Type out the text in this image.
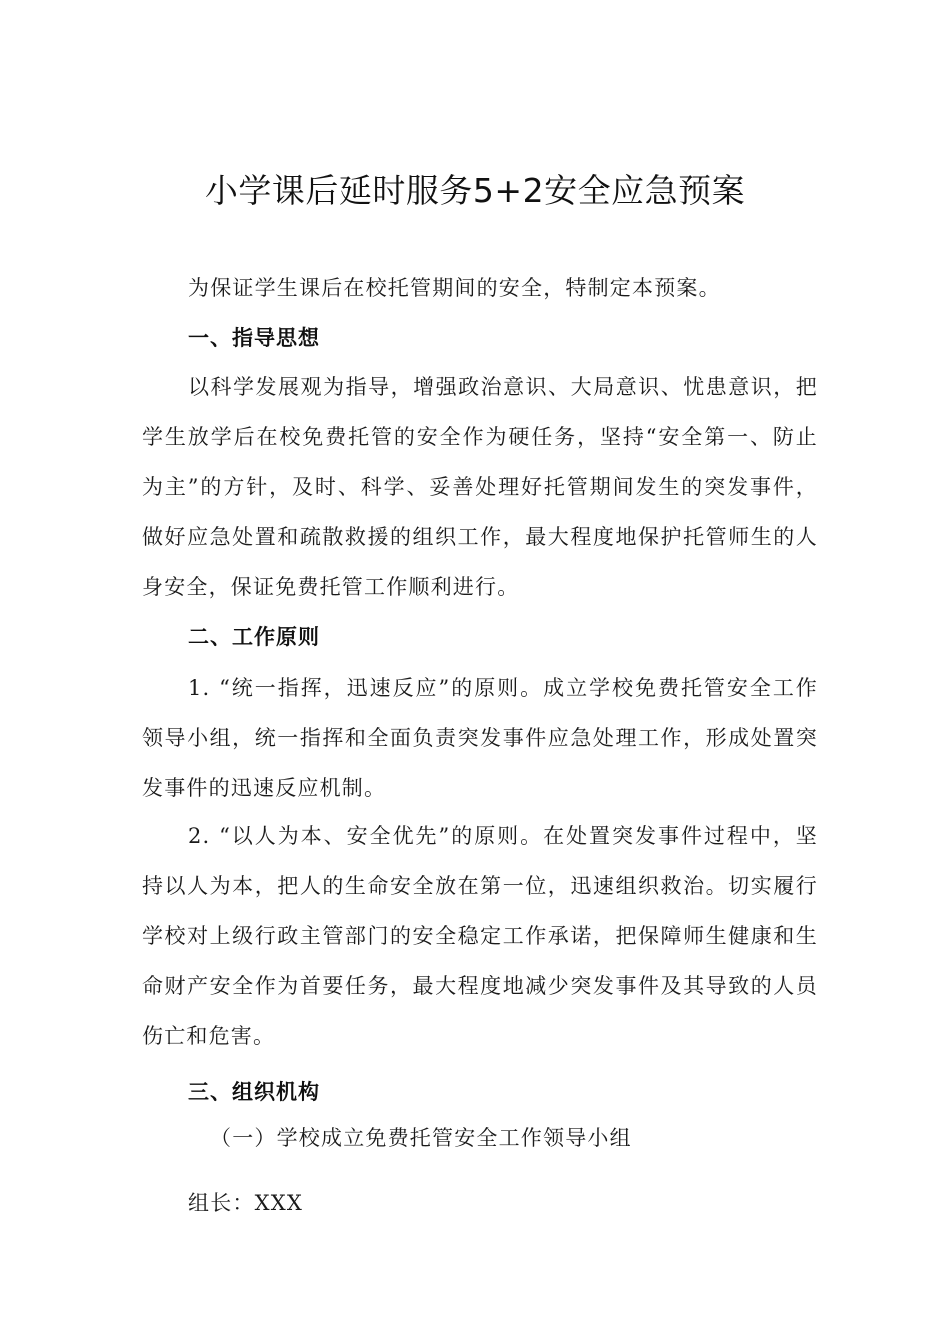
小学课后延时服务5+2安全应急预案
为保证学生课后在校托管期间的安全，特制定本预案。
一、指导思想

以科学发展观为指导，增强政治意识、大局意识、忧患意识，把学生放学后在校免费托管的安全作为硬任务，坚持“安全第一、防止为主”的方针，及时、科学、妥善处理好托管期间发生的突发事件，做好应急处置和疏散救援的组织工作，最大程度地保护托管师生的人身安全，保证免费托管工作顺利进行。

二、工作原则

1. “统一指挥，迅速反应”的原则。成立学校免费托管安全工作领导小组，统一指挥和全面负责突发事件应急处理工作，形成处置突发事件的迅速反应机制。

2. “以人为本、安全优先”的原则。在处置突发事件过程中，坚持以人为本，把人的生命安全放在第一位，迅速组织救治。切实履行学校对上级行政主管部门的安全稳定工作承诺，把保障师生健康和生命财产安全作为首要任务，最大程度地减少突发事件及其导致的人员伤亡和危害。

三、组织机构
（一）学校成立免费托管安全工作领导小组
组长：XXX
